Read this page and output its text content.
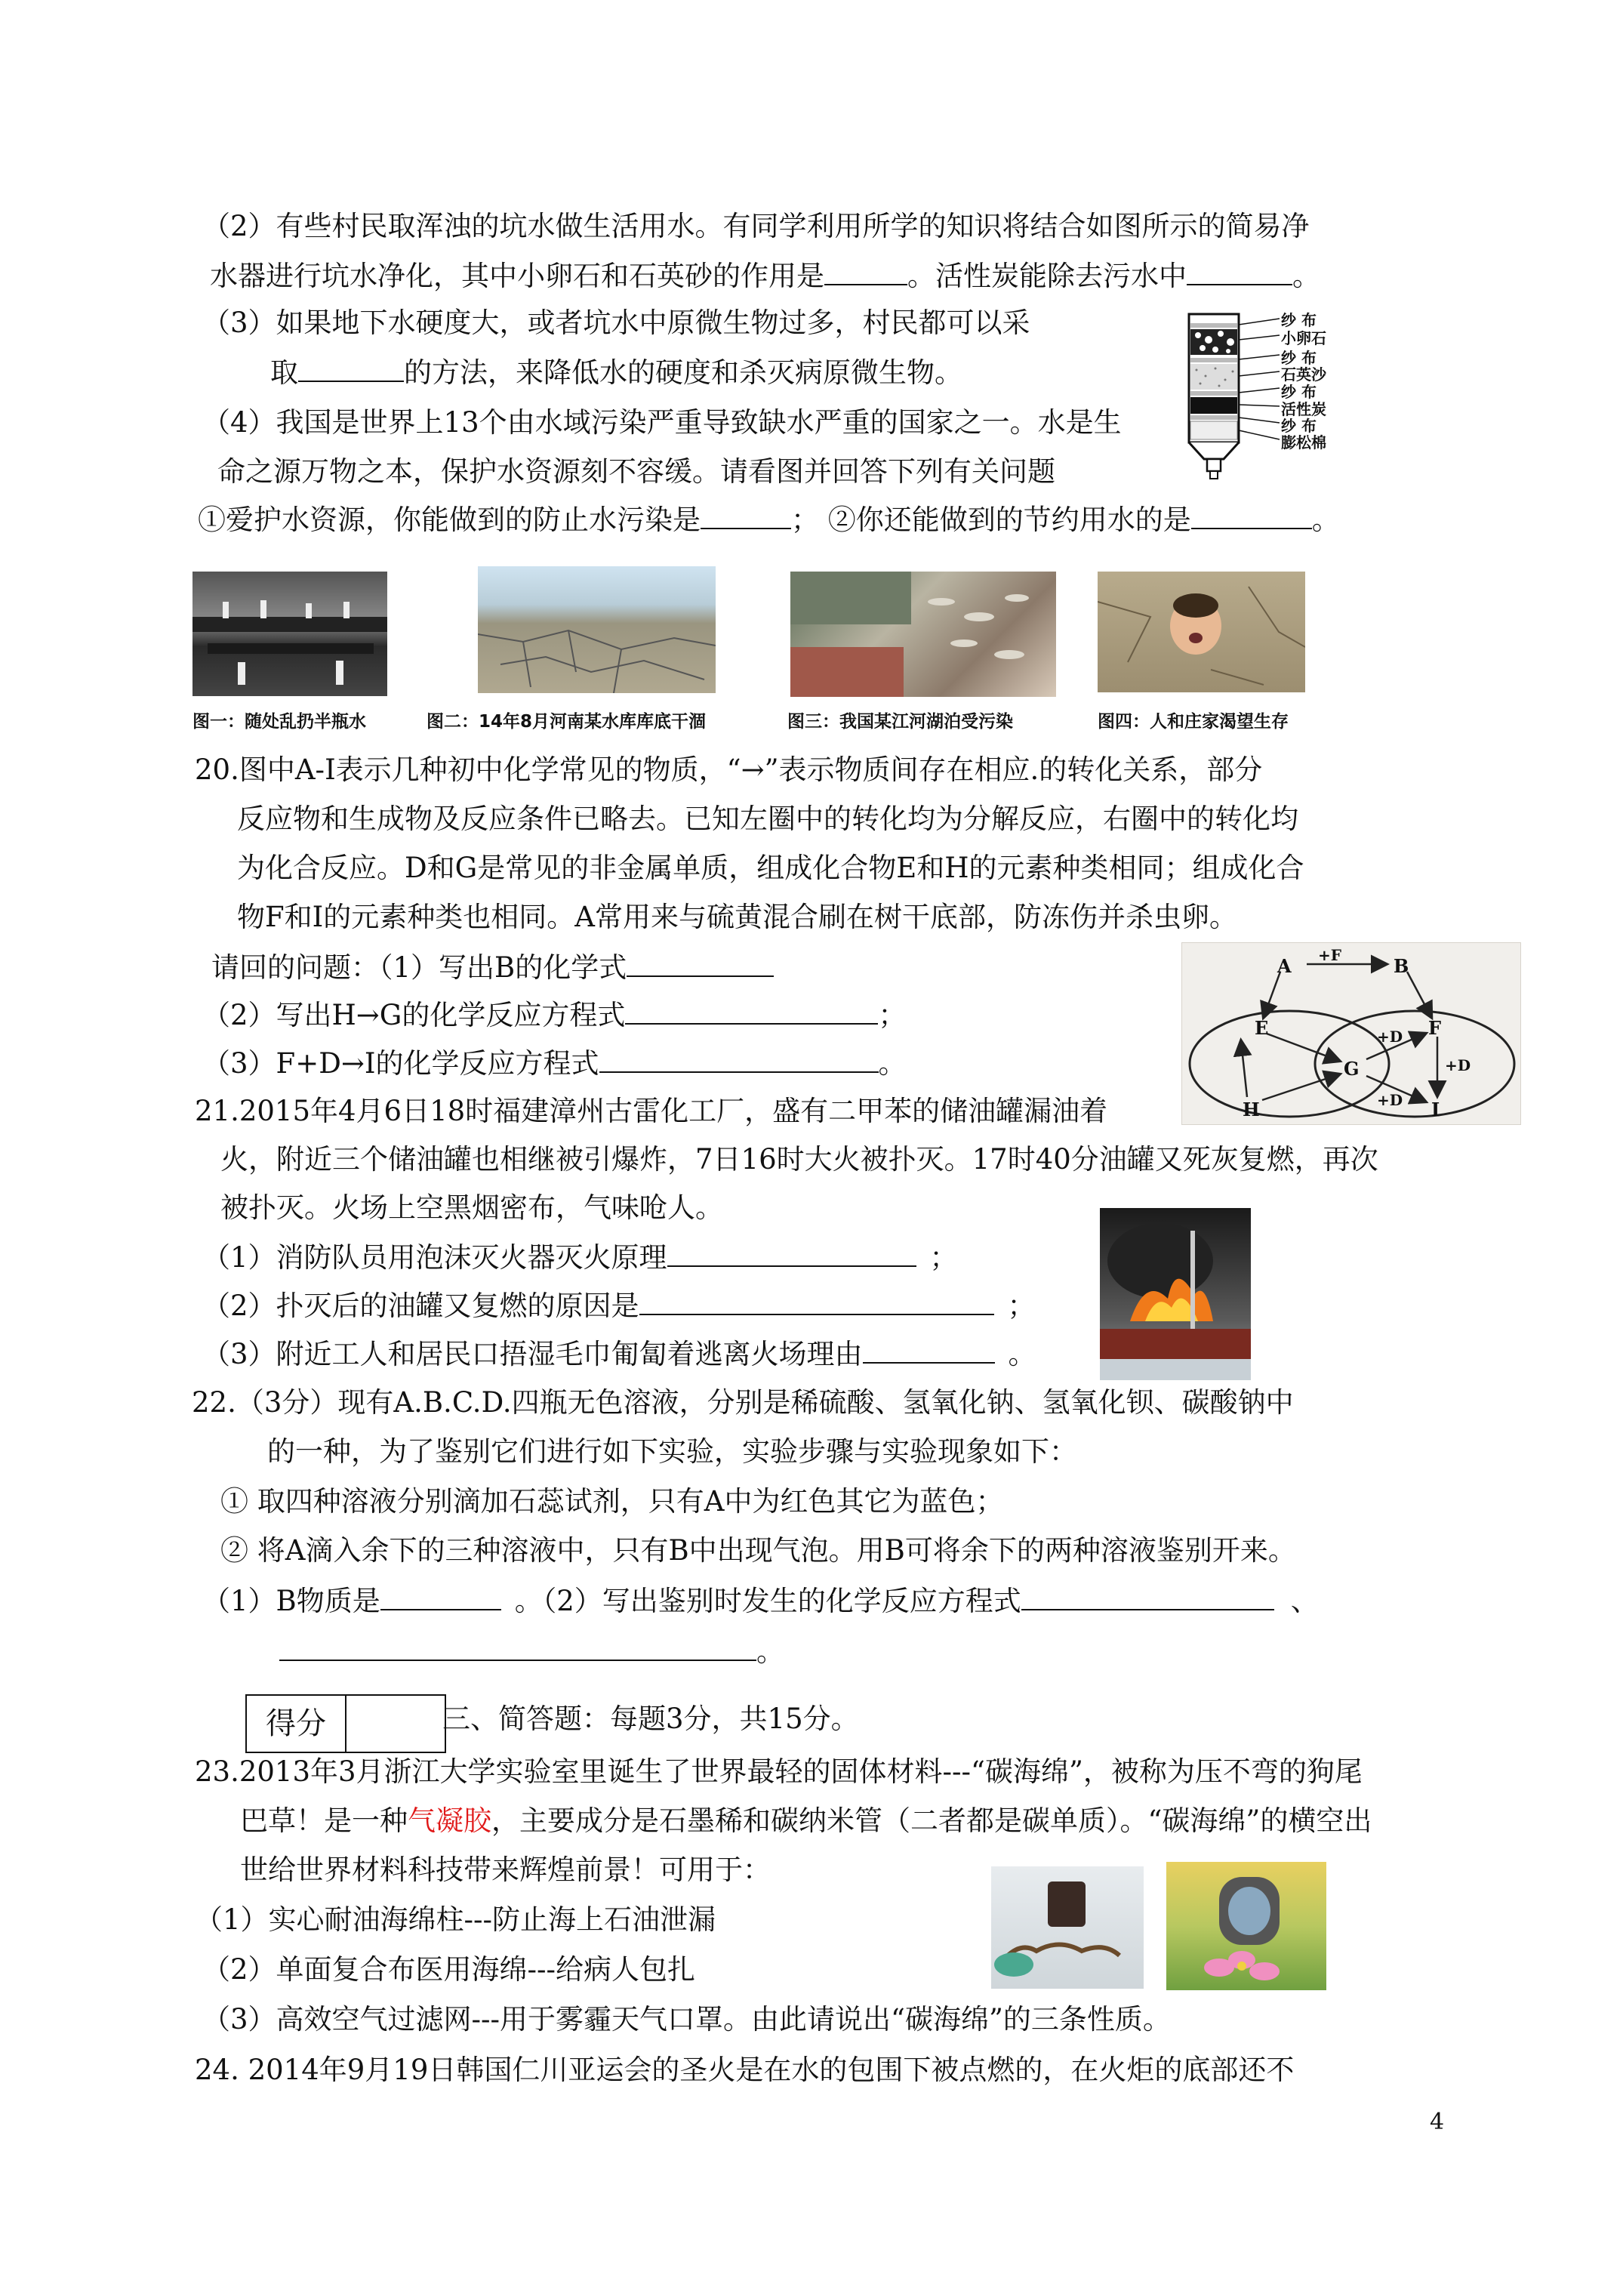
（2）有些村民取浑浊的坑水做生活用水。有同学利用所学的知识将结合如图所示的简易净
水器进行坑水净化，其中小卵石和石英砂的作用是	。活性炭能除去污水中	。
（3）如果地下水硬度大，或者坑水中原微生物过多，村民都可以采
取	的方法，来降低水的硬度和杀灭病原微生物。
（4）我国是世界上13个由水域污染严重导致缺水严重的国家之一。水是生
命之源万物之本，保护水资源刻不容缓。请看图并回答下列有关问题
①爱护水资源，你能做到的防止水污染是	； ②你还能做到的节约用水的是	。
纱 布
小卵石
纱 布
石英沙
纱 布
活性炭
纱 布
膨松棉
图一：随处乱扔半瓶水	图二：14年8月河南某水库库底干涸	图三：我国某江河湖泊受污染	图四：人和庄家渴望生存
20.图中A-I表示几种初中化学常见的物质，“→”表示物质间存在相应.的转化关系，部分
反应物和生成物及反应条件已略去。已知左圈中的转化均为分解反应，右圈中的转化均
为化合反应。D和G是常见的非金属单质，组成化合物E和H的元素种类相同；组成化合
物F和I的元素种类也相同。A常用来与硫黄混合刷在树干底部，防冻伤并杀虫卵。
请回的问题：（1）写出B的化学式
（2）写出H→G的化学反应方程式	；
（3）F+D→I的化学反应方程式	。
A +F	B
E	F
G
H	I
+D
+D
+D
21.2015年4月6日18时福建漳州古雷化工厂，盛有二甲苯的储油罐漏油着
火，附近三个储油罐也相继被引爆炸，7日16时大火被扑灭。17时40分油罐又死灰复燃，再次
被扑灭。火场上空黑烟密布，气味呛人。
（1）消防队员用泡沫灭火器灭火原理	；
（2）扑灭后的油罐又复燃的原因是	；
（3）附近工人和居民口捂湿毛巾匍匐着逃离火场理由	。
22.（3分）现有A.B.C.D.四瓶无色溶液，分别是稀硫酸、氢氧化钠、氢氧化钡、碳酸钠中
的一种，为了鉴别它们进行如下实验，实验步骤与实验现象如下：
① 取四种溶液分别滴加石蕊试剂，只有A中为红色其它为蓝色；
② 将A滴入余下的三种溶液中，只有B中出现气泡。用B可将余下的两种溶液鉴别开来。
（1）B物质是	。（2）写出鉴别时发生的化学反应方程式	、
。
得分	三、简答题：每题3分，共15分。
23.2013年3月浙江大学实验室里诞生了世界最轻的固体材料---“碳海绵”，被称为压不弯的狗尾
巴草！是一种气凝胶，主要成分是石墨稀和碳纳米管（二者都是碳单质）。“碳海绵”的横空出
世给世界材料科技带来辉煌前景！可用于：
（1）实心耐油海绵柱---防止海上石油泄漏
（2）单面复合布医用海绵---给病人包扎
（3）高效空气过滤网---用于雾霾天气口罩。由此请说出“碳海绵”的三条性质。
24. 2014年9月19日韩国仁川亚运会的圣火是在水的包围下被点燃的，在火炬的底部还不
4
